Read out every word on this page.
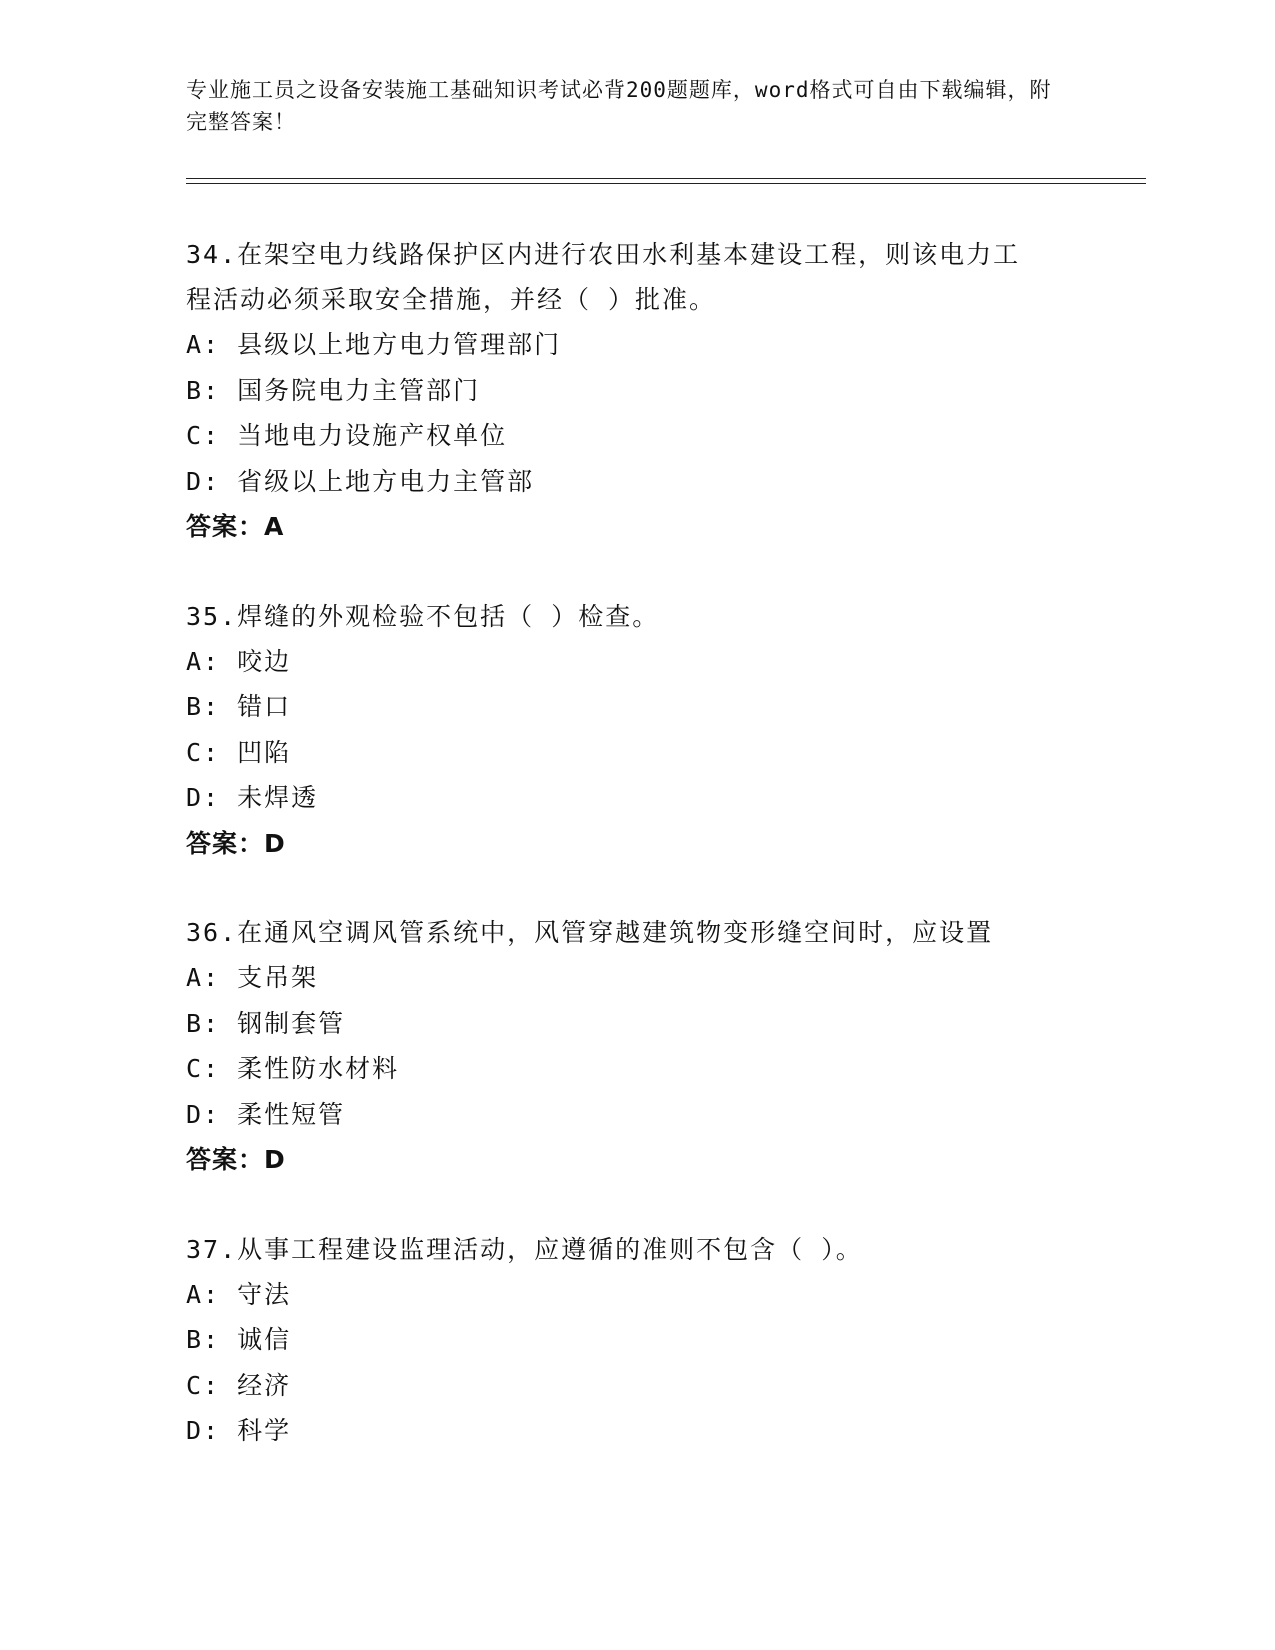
专业施工员之设备安装施工基础知识考试必背200题题库，word格式可自由下载编辑，附完整答案！

34.在架空电力线路保护区内进行农田水利基本建设工程，则该电力工

程活动必须采取安全措施，并经（ ）批准。

A: 县级以上地方电力管理部门

B: 国务院电力主管部门

C: 当地电力设施产权单位

D: 省级以上地方电力主管部

答案：A

35.焊缝的外观检验不包括（ ）检查。

A: 咬边

B: 错口

C: 凹陷

D: 未焊透

答案：D

36.在通风空调风管系统中，风管穿越建筑物变形缝空间时，应设置

A: 支吊架

B: 钢制套管

C: 柔性防水材料

D: 柔性短管

答案：D

37.从事工程建设监理活动，应遵循的准则不包含（ ）。

A: 守法

B: 诚信

C: 经济

D: 科学
